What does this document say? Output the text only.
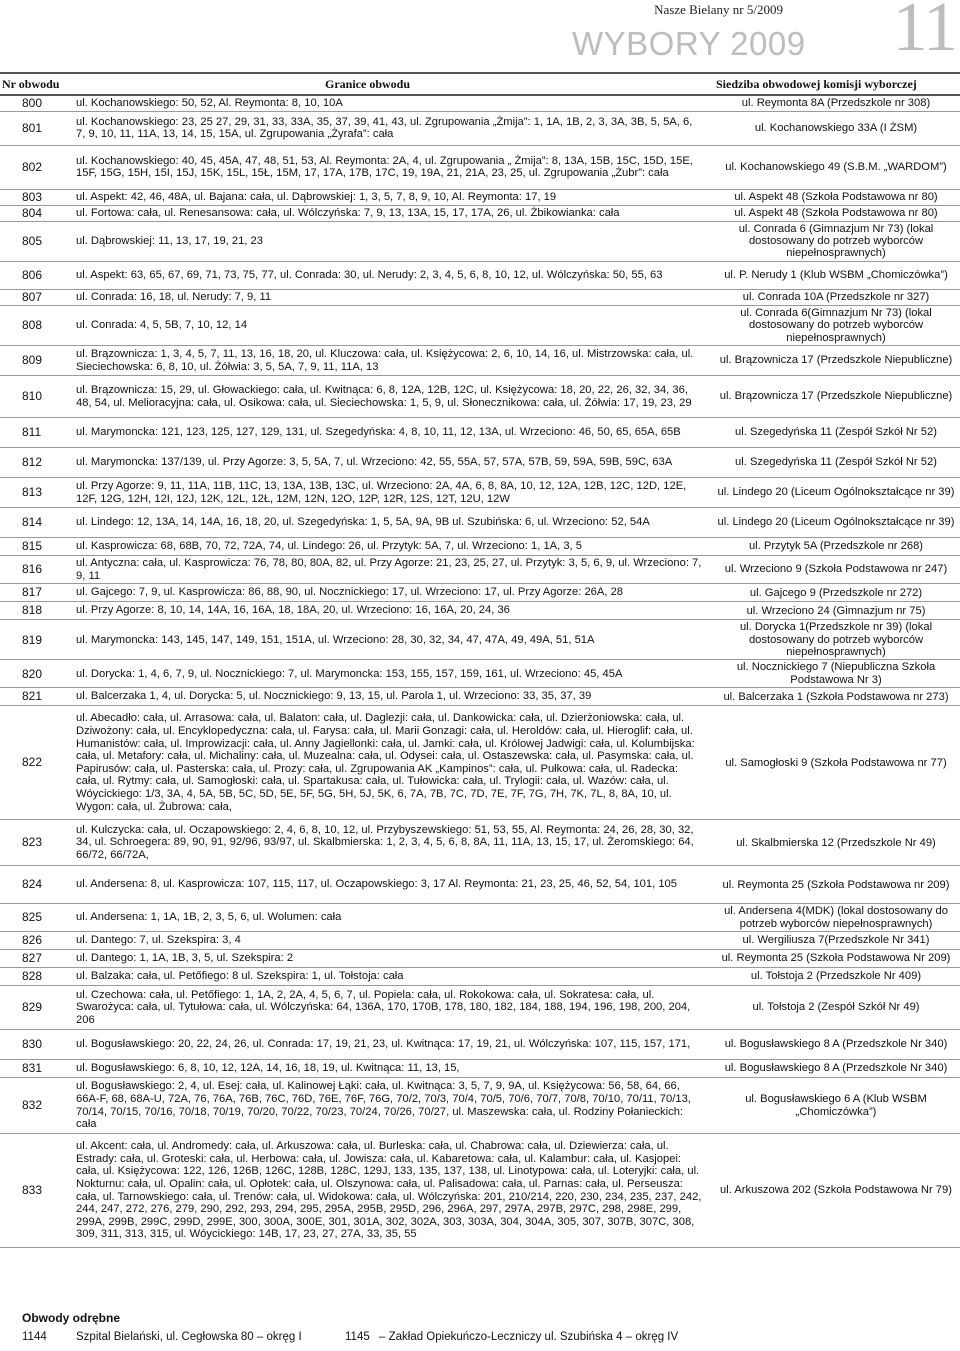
Nasze Bielany nr 5/2009
WYBORY 2009 11
Nr obwodu	Granice obwodu	Siedziba obwodowej komisji wyborczej
800	ul. Kochanowskiego: 50, 52, Al. Reymonta: 8, 10, 10A	ul. Reymonta 8A (Przedszkole nr 308)
801	ul. Kochanowskiego: 23, 25 27, 29, 31, 33, 33A, 35, 37, 39, 41, 43, ul. Zgrupowania „Żmija”: 1, 1A, 1B, 2, 3, 3A, 3B, 5, 5A, 6, 7, 9, 10, 11, 11A, 13, 14, 15, 15A, ul. Zgrupowania „Żyrafa”: cała	ul. Kochanowskiego 33A (I ŻSM)
802	ul. Kochanowskiego: 40, 45, 45A, 47, 48, 51, 53, Al. Reymonta: 2A, 4, ul. Zgrupowania „ Żmija”: 8, 13A, 15B, 15C, 15D, 15E, 15F, 15G, 15H, 15I, 15J, 15K, 15L, 15Ł, 15M, 17, 17A, 17B, 17C, 19, 19A, 21, 21A, 23, 25, ul. Zgrupowania „Żubr”: cała	ul. Kochanowskiego 49 (S.B.M. „WARDOM”)
803	ul. Aspekt: 42, 46, 48A, ul. Bajana: cała, ul. Dąbrowskiej: 1, 3, 5, 7, 8, 9, 10, Al. Reymonta: 17, 19	ul. Aspekt 48 (Szkoła Podstawowa nr 80)
804	ul. Fortowa: cała, ul. Renesansowa: cała, ul. Wólczyńska: 7, 9, 13, 13A, 15, 17, 17A, 26, ul. Żbikowianka: cała	ul. Aspekt 48 (Szkoła Podstawowa nr 80)
805	ul. Dąbrowskiej: 11, 13, 17, 19, 21, 23	ul. Conrada 6 (Gimnazjum Nr 73) (lokal dostosowany do potrzeb wyborców niepełnosprawnych)
806	ul. Aspekt: 63, 65, 67, 69, 71, 73, 75, 77, ul. Conrada: 30, ul. Nerudy: 2, 3, 4, 5, 6, 8, 10, 12, ul. Wólczyńska: 50, 55, 63	ul. P. Nerudy 1 (Klub WSBM „Chomiczówka”)
807	ul. Conrada: 16, 18, ul. Nerudy: 7, 9, 11	ul. Conrada 10A (Przedszkole nr 327)
808	ul. Conrada: 4, 5, 5B, 7, 10, 12, 14	ul. Conrada 6(Gimnazjum Nr 73) (lokal dostosowany do potrzeb wyborców niepełnosprawnych)
809	ul. Brązownicza: 1, 3, 4, 5, 7, 11, 13, 16, 18, 20, ul. Kluczowa: cała, ul. Księżycowa: 2, 6, 10, 14, 16, ul. Mistrzowska: cała, ul. Sieciechowska: 6, 8, 10, ul. Żółwia: 3, 5, 5A, 7, 9, 11, 11A, 13	ul. Brązownicza 17 (Przedszkole Niepubliczne)
810	ul. Brązownicza: 15, 29, ul. Głowackiego: cała, ul. Kwitnąca: 6, 8, 12A, 12B, 12C, ul. Księżycowa: 18, 20, 22, 26, 32, 34, 36, 48, 54, ul. Melioracyjna: cała, ul. Osikowa: cała, ul. Sieciechowska: 1, 5, 9, ul. Słonecznikowa: cała, ul. Żółwia: 17, 19, 23, 29	ul. Brązownicza 17 (Przedszkole Niepubliczne)
811	ul. Marymoncka: 121, 123, 125, 127, 129, 131, ul. Szegedyńska: 4, 8, 10, 11, 12, 13A, ul. Wrzeciono: 46, 50, 65, 65A, 65B	ul. Szegedyńska 11 (Zespół Szkół Nr 52)
812	ul. Marymoncka: 137/139, ul. Przy Agorze: 3, 5, 5A, 7, ul. Wrzeciono: 42, 55, 55A, 57, 57A, 57B, 59, 59A, 59B, 59C, 63A	ul. Szegedyńska 11 (Zespół Szkół Nr 52)
813	ul. Przy Agorze: 9, 11, 11A, 11B, 11C, 13, 13A, 13B, 13C, ul. Wrzeciono: 2A, 4A, 6, 8, 8A, 10, 12, 12A, 12B, 12C, 12D, 12E, 12F, 12G, 12H, 12I, 12J, 12K, 12L, 12Ł, 12M, 12N, 12O, 12P, 12R, 12S, 12T, 12U, 12W	ul. Lindego 20 (Liceum Ogólnokształcące nr 39)
814	ul. Lindego: 12, 13A, 14, 14A, 16, 18, 20, ul. Szegedyńska: 1, 5, 5A, 9A, 9B ul. Szubińska: 6, ul. Wrzeciono: 52, 54A	ul. Lindego 20 (Liceum Ogólnokształcące nr 39)
815	ul. Kasprowicza: 68, 68B, 70, 72, 72A, 74, ul. Lindego: 26, ul. Przytyk: 5A, 7, ul. Wrzeciono: 1, 1A, 3, 5	ul. Przytyk 5A (Przedszkole nr 268)
816	ul. Antyczna: cała, ul. Kasprowicza: 76, 78, 80, 80A, 82, ul. Przy Agorze: 21, 23, 25, 27, ul. Przytyk: 3, 5, 6, 9, ul. Wrzeciono: 7, 9, 11	ul. Wrzeciono 9 (Szkoła Podstawowa nr 247)
817	ul. Gajcego: 7, 9, ul. Kasprowicza: 86, 88, 90, ul. Nocznickiego: 17, ul. Wrzeciono: 17, ul. Przy Agorze: 26A, 28	ul. Gajcego 9 (Przedszkole nr 272)
818	ul. Przy Agorze: 8, 10, 14, 14A, 16, 16A, 18, 18A, 20, ul. Wrzeciono: 16, 16A, 20, 24, 36	ul. Wrzeciono 24 (Gimnazjum nr 75)
819	ul. Marymoncka: 143, 145, 147, 149, 151, 151A, ul. Wrzeciono: 28, 30, 32, 34, 47, 47A, 49, 49A, 51, 51A	ul. Dorycka 1(Przedszkole nr 39) (lokal dostosowany do potrzeb wyborców niepełnosprawnych)
820	ul. Dorycka: 1, 4, 6, 7, 9, ul. Nocznickiego: 7, ul. Marymoncka: 153, 155, 157, 159, 161, ul. Wrzeciono: 45, 45A	ul. Nocznickiego 7 (Niepubliczna Szkoła Podstawowa Nr 3)
821	ul. Balcerzaka 1, 4, ul. Dorycka: 5, ul. Nocznickiego: 9, 13, 15, ul. Parola 1, ul. Wrzeciono: 33, 35, 37, 39	ul. Balcerzaka 1 (Szkoła Podstawowa nr 273)
822	ul. Abecadło: cała, ul. Arrasowa: cała, ul. Balaton: cała, ul. Daglezji: cała, ul. Dankowicka: cała, ul. Dzierżoniowska: cała, ul. Dziwożony: cała, ul. Encyklopedyczna: cała, ul. Farysa: cała, ul. Marii Gonzagi: cała, ul. Heroldów: cała, ul. Hieroglif: cała, ul. Humanistów: cała, ul. Improwizacji: cała, ul. Anny Jagiellonki: cała, ul. Jamki: cała, ul. Królowej Jadwigi: cała, ul. Kolumbijska: cała, ul. Metafory: cała, ul. Michaliny: cała, ul. Muzealna: cała, ul. Odysei: cała, ul. Ostaszewska: cała, ul. Pasymska: cała, ul. Papirusów: cała, ul. Pasterska: cała, ul. Prozy: cała, ul. Zgrupowania AK „Kampinos”: cała, ul. Pułkowa: cała, ul. Radecka: cała, ul. Rytmy: cała, ul. Samogłoski: cała, ul. Spartakusa: cała, ul. Tułowicka: cała, ul. Trylogii: cała, ul. Wazów: cała, ul. Wóycickiego: 1/3, 3A, 4, 5A, 5B, 5C, 5D, 5E, 5F, 5G, 5H, 5J, 5K, 6, 7A, 7B, 7C, 7D, 7E, 7F, 7G, 7H, 7K, 7L, 8, 8A, 10, ul. Wygon: cała, ul. Żubrowa: cała,	ul. Samogłoski 9 (Szkoła Podstawowa nr 77)
823	ul. Kulczycka: cała, ul. Oczapowskiego: 2, 4, 6, 8, 10, 12, ul. Przybyszewskiego: 51, 53, 55, Al. Reymonta: 24, 26, 28, 30, 32, 34, ul. Schroegera: 89, 90, 91, 92/96, 93/97, ul. Skalbmierska: 1, 2, 3, 4, 5, 6, 8, 8A, 11, 11A, 13, 15, 17, ul. Żeromskiego: 64, 66/72, 66/72A,	ul. Skalbmierska 12 (Przedszkole Nr 49)
824	ul. Andersena: 8, ul. Kasprowicza: 107, 115, 117, ul. Oczapowskiego: 3, 17 Al. Reymonta: 21, 23, 25, 46, 52, 54, 101, 105	ul. Reymonta 25 (Szkoła Podstawowa nr 209)
825	ul. Andersena: 1, 1A, 1B, 2, 3, 5, 6, ul. Wolumen: cała	ul. Andersena 4(MDK) (lokal dostosowany do potrzeb wyborców niepełnosprawnych)
826	ul. Dantego: 7, ul. Szekspira: 3, 4	ul. Wergiliusza 7(Przedszkole Nr 341)
827	ul. Dantego: 1, 1A, 1B, 3, 5, ul. Szekspira: 2	ul. Reymonta 25 (Szkoła Podstawowa Nr 209)
828	ul. Balzaka: cała, ul. Petőfiego: 8 ul. Szekspira: 1, ul. Tołstoja: cała	ul. Tołstoja 2 (Przedszkole Nr 409)
829	ul. Czechowa: cała, ul. Petőfiego: 1, 1A, 2, 2A, 4, 5, 6, 7, ul. Popiela: cała, ul. Rokokowa: cała, ul. Sokratesa: cała, ul. Swarożyca: cała, ul. Tytułowa: cała, ul. Wólczyńska: 64, 136A, 170, 170B, 178, 180, 182, 184, 188, 194, 196, 198, 200, 204, 206	ul. Tołstoja 2 (Zespół Szkół Nr 49)
830	ul. Bogusławskiego: 20, 22, 24, 26, ul. Conrada: 17, 19, 21, 23, ul. Kwitnąca: 17, 19, 21, ul. Wólczyńska: 107, 115, 157, 171,	ul. Bogusławskiego 8 A (Przedszkole Nr 340)
831	ul. Bogusławskiego: 6, 8, 10, 12, 12A, 14, 16, 18, 19, ul. Kwitnąca: 11, 13, 15,	ul. Bogusławskiego 8 A (Przedszkole Nr 340)
832	ul. Bogusławskiego: 2, 4, ul. Esej: cała, ul. Kalinowej Łąki: cała, ul. Kwitnąca: 3, 5, 7, 9, 9A, ul. Księżycowa: 56, 58, 64, 66, 66A-F, 68, 68A-U, 72A, 76, 76A, 76B, 76C, 76D, 76E, 76F, 76G, 70/2, 70/3, 70/4, 70/5, 70/6, 70/7, 70/8, 70/10, 70/11, 70/13, 70/14, 70/15, 70/16, 70/18, 70/19, 70/20, 70/22, 70/23, 70/24, 70/26, 70/27, ul. Maszewska: cała, ul. Rodziny Połanieckich: cała	ul. Bogusławskiego 6 A (Klub WSBM „Chomiczówka”)
833	ul. Akcent: cała, ul. Andromedy: cała, ul. Arkuszowa: cała, ul. Burleska: cała, ul. Chabrowa: cała, ul. Dziewierza: cała, ul. Estrady: cała, ul. Groteski: cała, ul. Herbowa: cała, ul. Jowisza: cała, ul. Kabaretowa: cała, ul. Kalambur: cała, ul. Kasjopei: cała, ul. Księżycowa: 122, 126, 126B, 126C, 128B, 128C, 129J, 133, 135, 137, 138, ul. Linotypowa: cała, ul. Loteryjki: cała, ul. Nokturnu: cała, ul. Opalin: cała, ul. Opłotek: cała, ul. Olszynowa: cała, ul. Palisadowa: cała, ul. Parnas: cała, ul. Perseusza: cała, ul. Tarnowskiego: cała, ul. Trenów: cała, ul. Widokowa: cała, ul. Wólczyńska: 201, 210/214, 220, 230, 234, 235, 237, 242, 244, 247, 272, 276, 279, 290, 292, 293, 294, 295, 295A, 295B, 295D, 296, 296A, 297, 297A, 297B, 297C, 298, 298E, 299, 299A, 299B, 299C, 299D, 299E, 300, 300A, 300E, 301, 301A, 302, 302A, 303, 303A, 304, 304A, 305, 307, 307B, 307C, 308, 309, 311, 313, 315, ul. Wóycickiego: 14B, 17, 23, 27, 27A, 33, 35, 55	ul. Arkuszowa 202 (Szkoła Podstawowa Nr 79)
Obwody odrębne
1144	Szpital Bielański, ul. Cegłowska 80 – okręg I	1145 – Zakład Opiekuńczo-Leczniczy ul. Szubińska 4 – okręg IV
